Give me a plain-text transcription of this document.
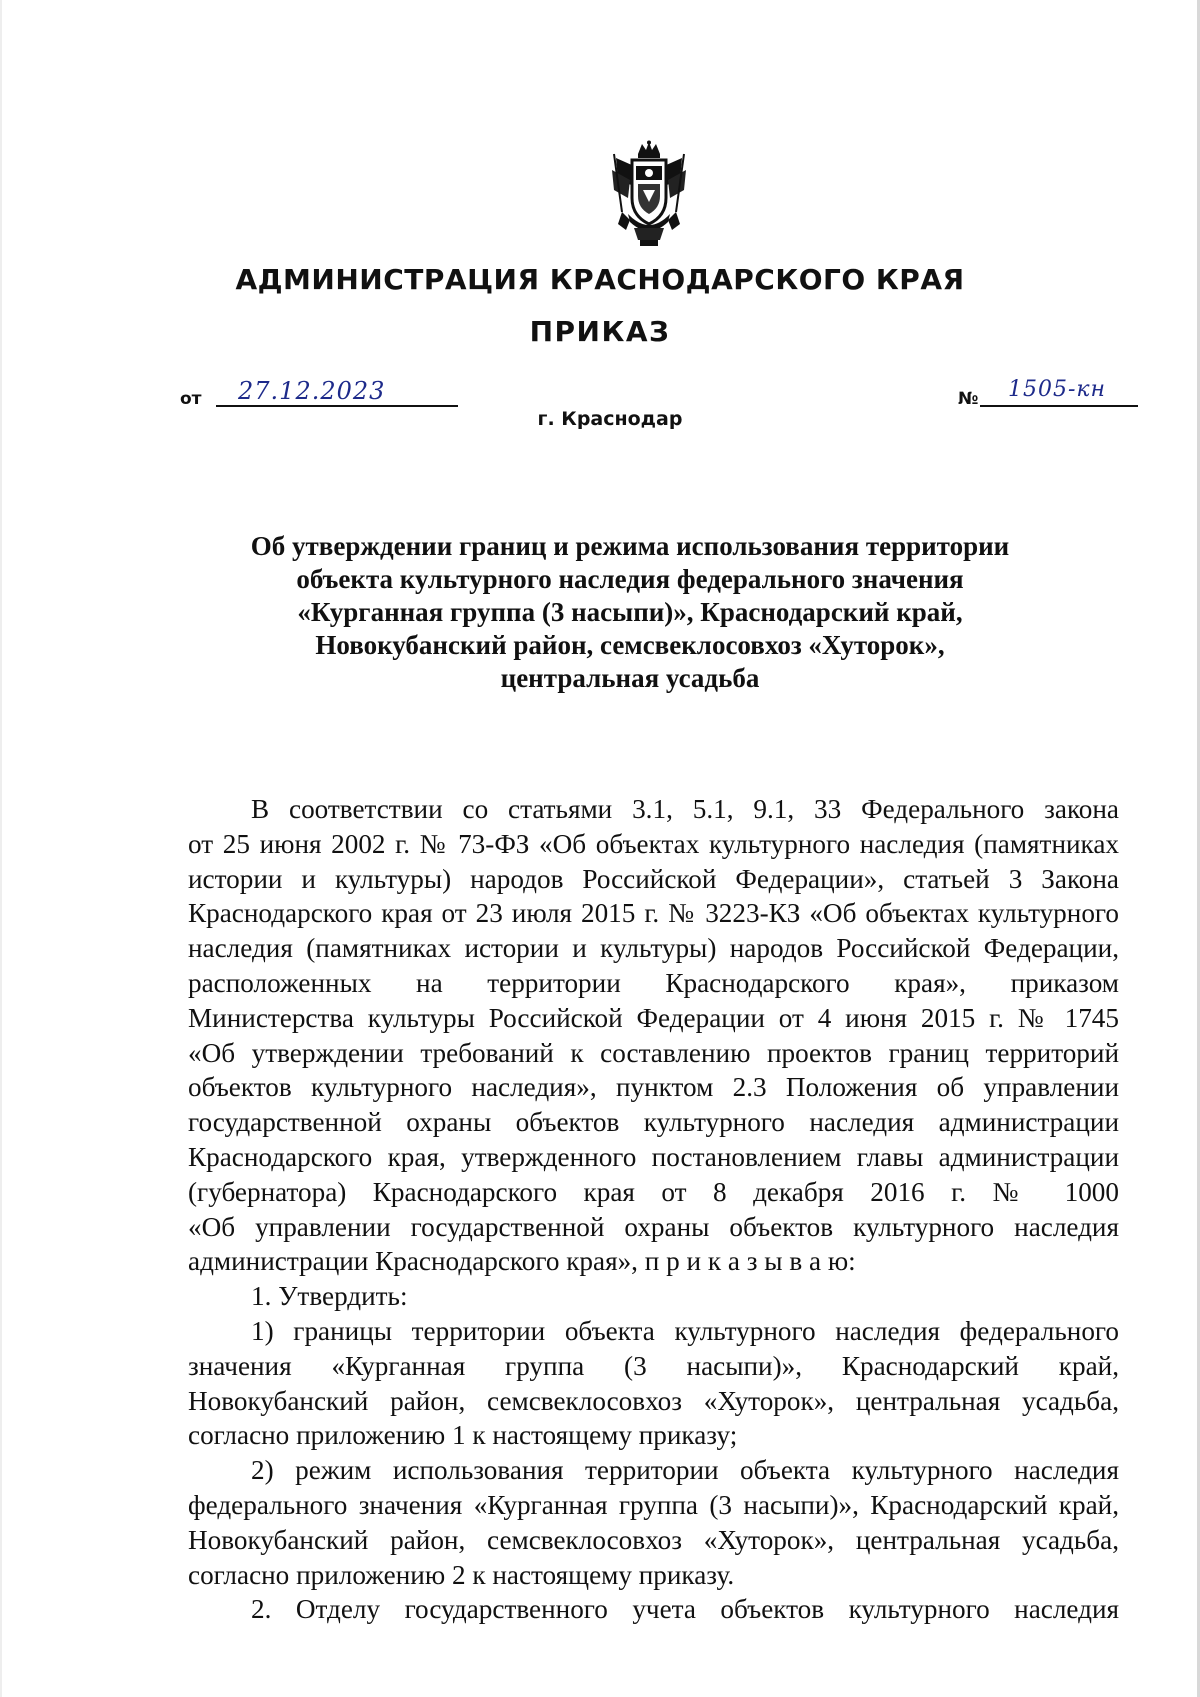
АДМИНИСТРАЦИЯ КРАСНОДАРСКОГО КРАЯ
ПРИКАЗ
от 27.12.2023	№ 1505-кн
г. Краснодар
Об утверждении границ и режима использования территории
объекта культурного наследия федерального значения
«Курганная группа (3 насыпи)», Краснодарский край,
Новокубанский район, семсвеклосовхоз «Хуторок»,
центральная усадьба
В соответствии со статьями 3.1, 5.1, 9.1, 33 Федерального закона
от 25 июня 2002 г. № 73-ФЗ «Об объектах культурного наследия (памятниках
истории и культуры) народов Российской Федерации», статьей 3 Закона
Краснодарского края от 23 июля 2015 г. № 3223-КЗ «Об объектах культурного
наследия (памятниках истории и культуры) народов Российской Федерации,
расположенных на территории Краснодарского края», приказом
Министерства культуры Российской Федерации от 4 июня 2015 г. № 1745
«Об утверждении требований к составлению проектов границ территорий
объектов культурного наследия», пунктом 2.3 Положения об управлении
государственной охраны объектов культурного наследия администрации
Краснодарского края, утвержденного постановлением главы администрации
(губернатора) Краснодарского края от 8 декабря 2016 г. № 1000
«Об управлении государственной охраны объектов культурного наследия
администрации Краснодарского края», п р и к а з ы в а ю:
1. Утвердить:
1) границы территории объекта культурного наследия федерального
значения «Курганная группа (3 насыпи)», Краснодарский край,
Новокубанский район, семсвеклосовхоз «Хуторок», центральная усадьба,
согласно приложению 1 к настоящему приказу;
2) режим использования территории объекта культурного наследия
федерального значения «Курганная группа (3 насыпи)», Краснодарский край,
Новокубанский район, семсвеклосовхоз «Хуторок», центральная усадьба,
согласно приложению 2 к настоящему приказу.
2. Отделу государственного учета объектов культурного наследия
